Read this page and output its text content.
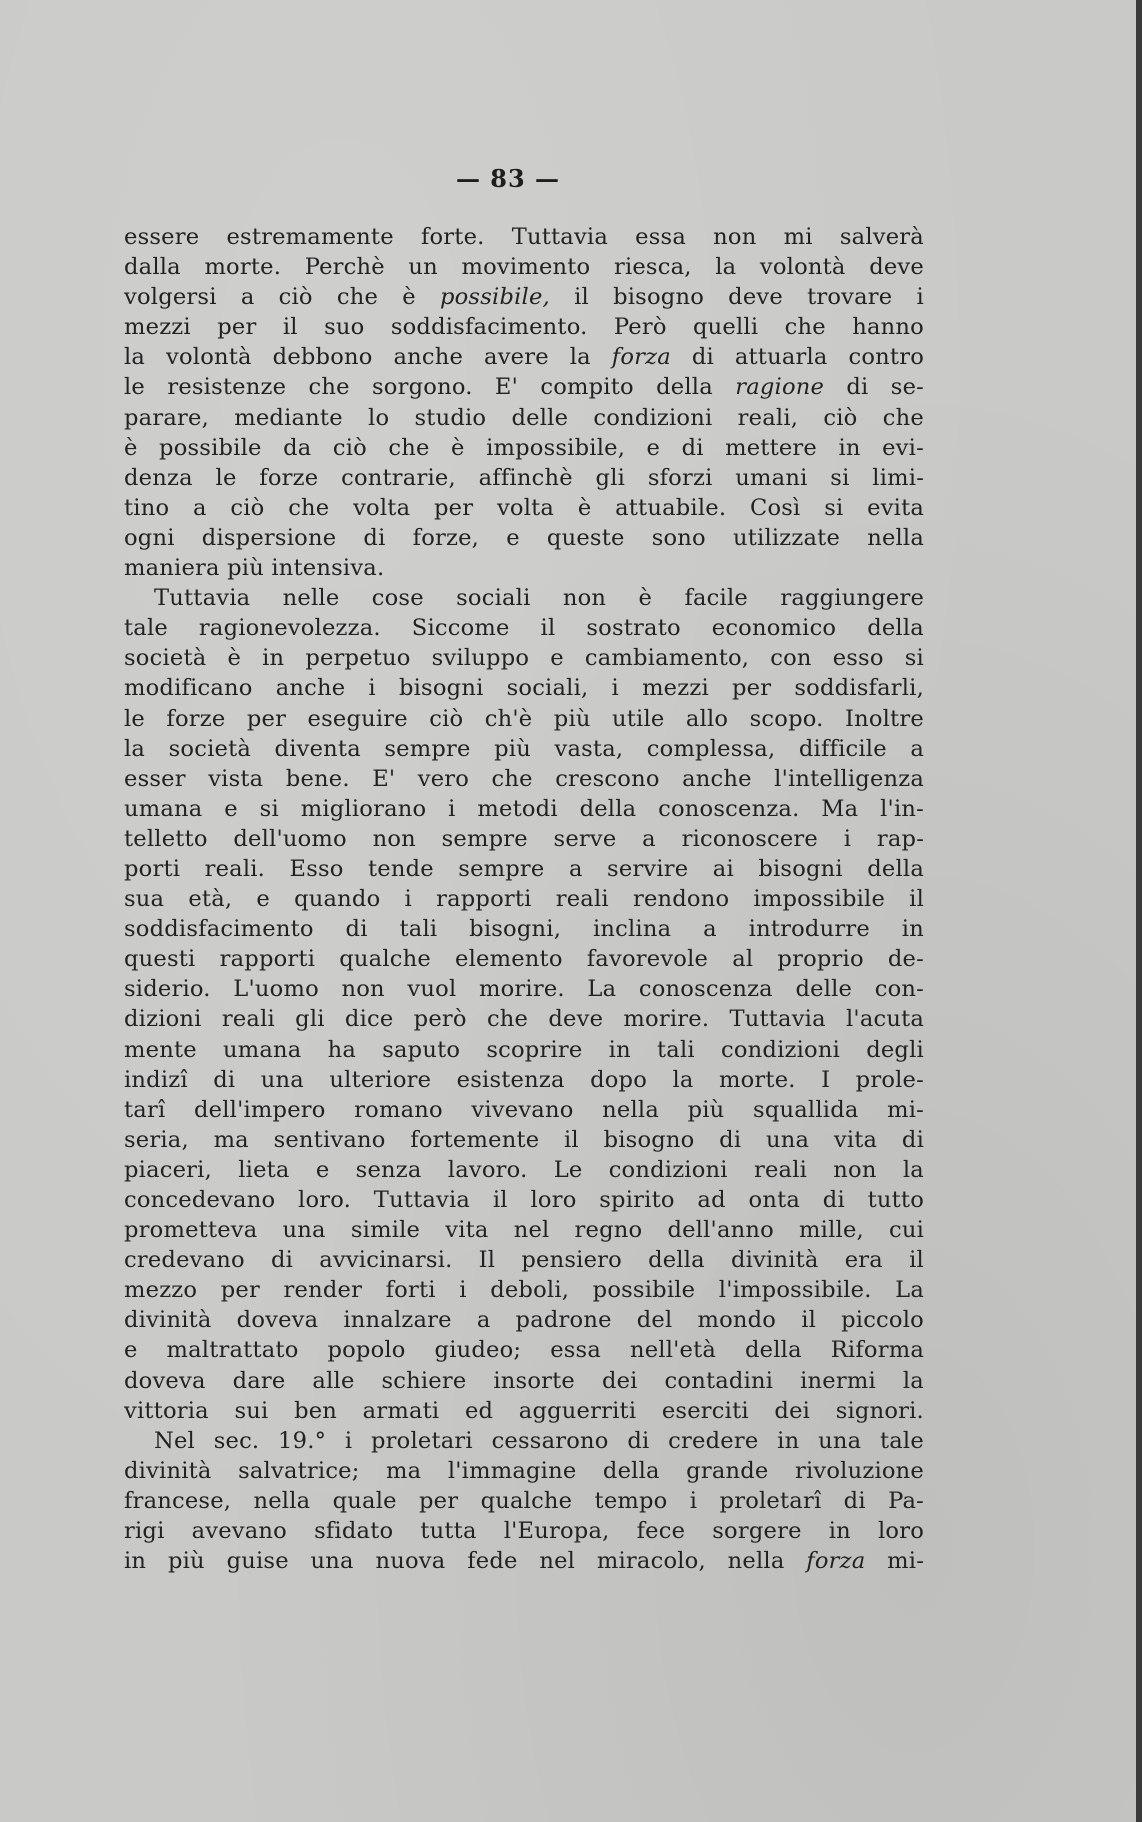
— 83 —
essere estremamente forte. Tuttavia essa non mi salverà
dalla morte. Perchè un movimento riesca, la volontà deve
volgersi a ciò che è possibile, il bisogno deve trovare i
mezzi per il suo soddisfacimento. Però quelli che hanno
la volontà debbono anche avere la forza di attuarla contro
le resistenze che sorgono. E' compito della ragione di se-
parare, mediante lo studio delle condizioni reali, ciò che
è possibile da ciò che è impossibile, e di mettere in evi-
denza le forze contrarie, affinchè gli sforzi umani si limi-
tino a ciò che volta per volta è attuabile. Così si evita
ogni dispersione di forze, e queste sono utilizzate nella
maniera più intensiva.
Tuttavia nelle cose sociali non è facile raggiungere
tale ragionevolezza. Siccome il sostrato economico della
società è in perpetuo sviluppo e cambiamento, con esso si
modificano anche i bisogni sociali, i mezzi per soddisfarli,
le forze per eseguire ciò ch'è più utile allo scopo. Inoltre
la società diventa sempre più vasta, complessa, difficile a
esser vista bene. E' vero che crescono anche l'intelligenza
umana e si migliorano i metodi della conoscenza. Ma l'in-
telletto dell'uomo non sempre serve a riconoscere i rap-
porti reali. Esso tende sempre a servire ai bisogni della
sua età, e quando i rapporti reali rendono impossibile il
soddisfacimento di tali bisogni, inclina a introdurre in
questi rapporti qualche elemento favorevole al proprio de-
siderio. L'uomo non vuol morire. La conoscenza delle con-
dizioni reali gli dice però che deve morire. Tuttavia l'acuta
mente umana ha saputo scoprire in tali condizioni degli
indizî di una ulteriore esistenza dopo la morte. I prole-
tarî dell'impero romano vivevano nella più squallida mi-
seria, ma sentivano fortemente il bisogno di una vita di
piaceri, lieta e senza lavoro. Le condizioni reali non la
concedevano loro. Tuttavia il loro spirito ad onta di tutto
prometteva una simile vita nel regno dell'anno mille, cui
credevano di avvicinarsi. Il pensiero della divinità era il
mezzo per render forti i deboli, possibile l'impossibile. La
divinità doveva innalzare a padrone del mondo il piccolo
e maltrattato popolo giudeo; essa nell'età della Riforma
doveva dare alle schiere insorte dei contadini inermi la
vittoria sui ben armati ed agguerriti eserciti dei signori.
Nel sec. 19.° i proletari cessarono di credere in una tale
divinità salvatrice; ma l'immagine della grande rivoluzione
francese, nella quale per qualche tempo i proletarî di Pa-
rigi avevano sfidato tutta l'Europa, fece sorgere in loro
in più guise una nuova fede nel miracolo, nella forza mi-
